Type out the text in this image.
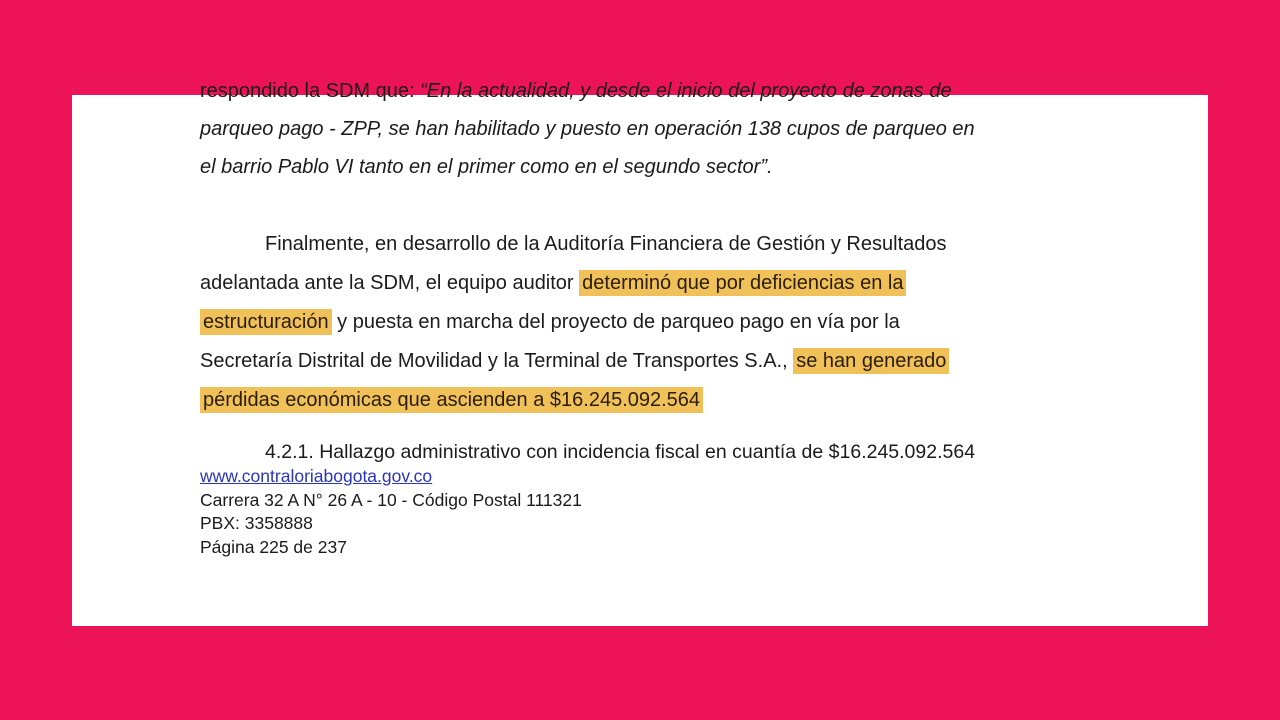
respondido la SDM que: “En la actualidad, y desde el inicio del proyecto de zonas de
parqueo pago - ZPP, se han habilitado y puesto en operación 138 cupos de parqueo en
el barrio Pablo VI tanto en el primer como en el segundo sector”.
Finalmente, en desarrollo de la Auditoría Financiera de Gestión y Resultados
adelantada ante la SDM, el equipo auditor determinó que por deficiencias en la
estructuración y puesta en marcha del proyecto de parqueo pago en vía por la
Secretaría Distrital de Movilidad y la Terminal de Transportes S.A., se han generado
pérdidas económicas que ascienden a $16.245.092.564
4.2.1. Hallazgo administrativo con incidencia fiscal en cuantía de $16.245.092.564
www.contraloriabogota.gov.co
Carrera 32 A N° 26 A - 10 - Código Postal 111321
PBX: 3358888
Página 225 de 237
